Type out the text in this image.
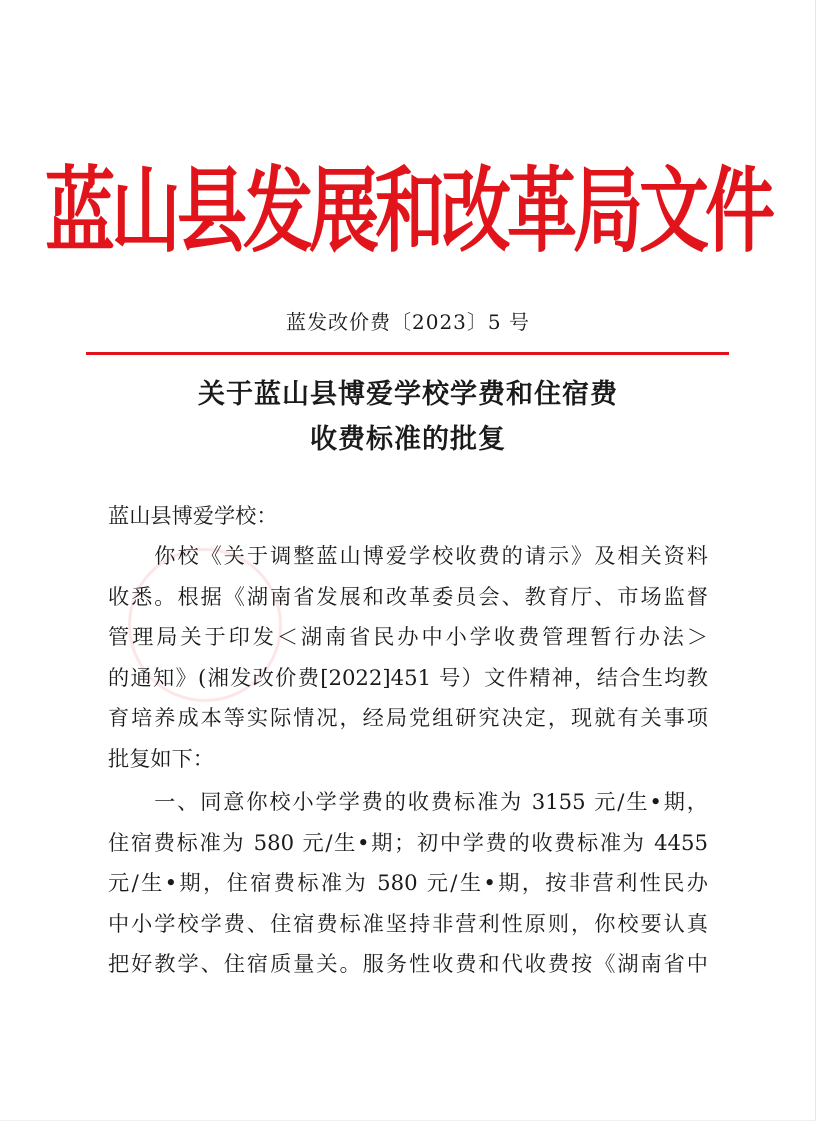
蓝山县发展和改革局文件
蓝发改价费〔2023〕5 号
关于蓝山县博爱学校学费和住宿费
收费标准的批复
蓝山县博爱学校：
　　你校《关于调整蓝山博爱学校收费的请示》及相关资料
收悉。根据《湖南省发展和改革委员会、教育厅、市场监督
管理局关于印发＜湖南省民办中小学收费管理暂行办法＞
的通知》(湘发改价费[2022]451 号）文件精神，结合生均教
育培养成本等实际情况，经局党组研究决定，现就有关事项
批复如下：
　　一、同意你校小学学费的收费标准为 3155 元/生•期，
住宿费标准为 580 元/生•期；初中学费的收费标准为 4455
元/生•期，住宿费标准为 580 元/生•期，按非营利性民办
中小学校学费、住宿费标准坚持非营利性原则，你校要认真
把好教学、住宿质量关。服务性收费和代收费按《湖南省中
